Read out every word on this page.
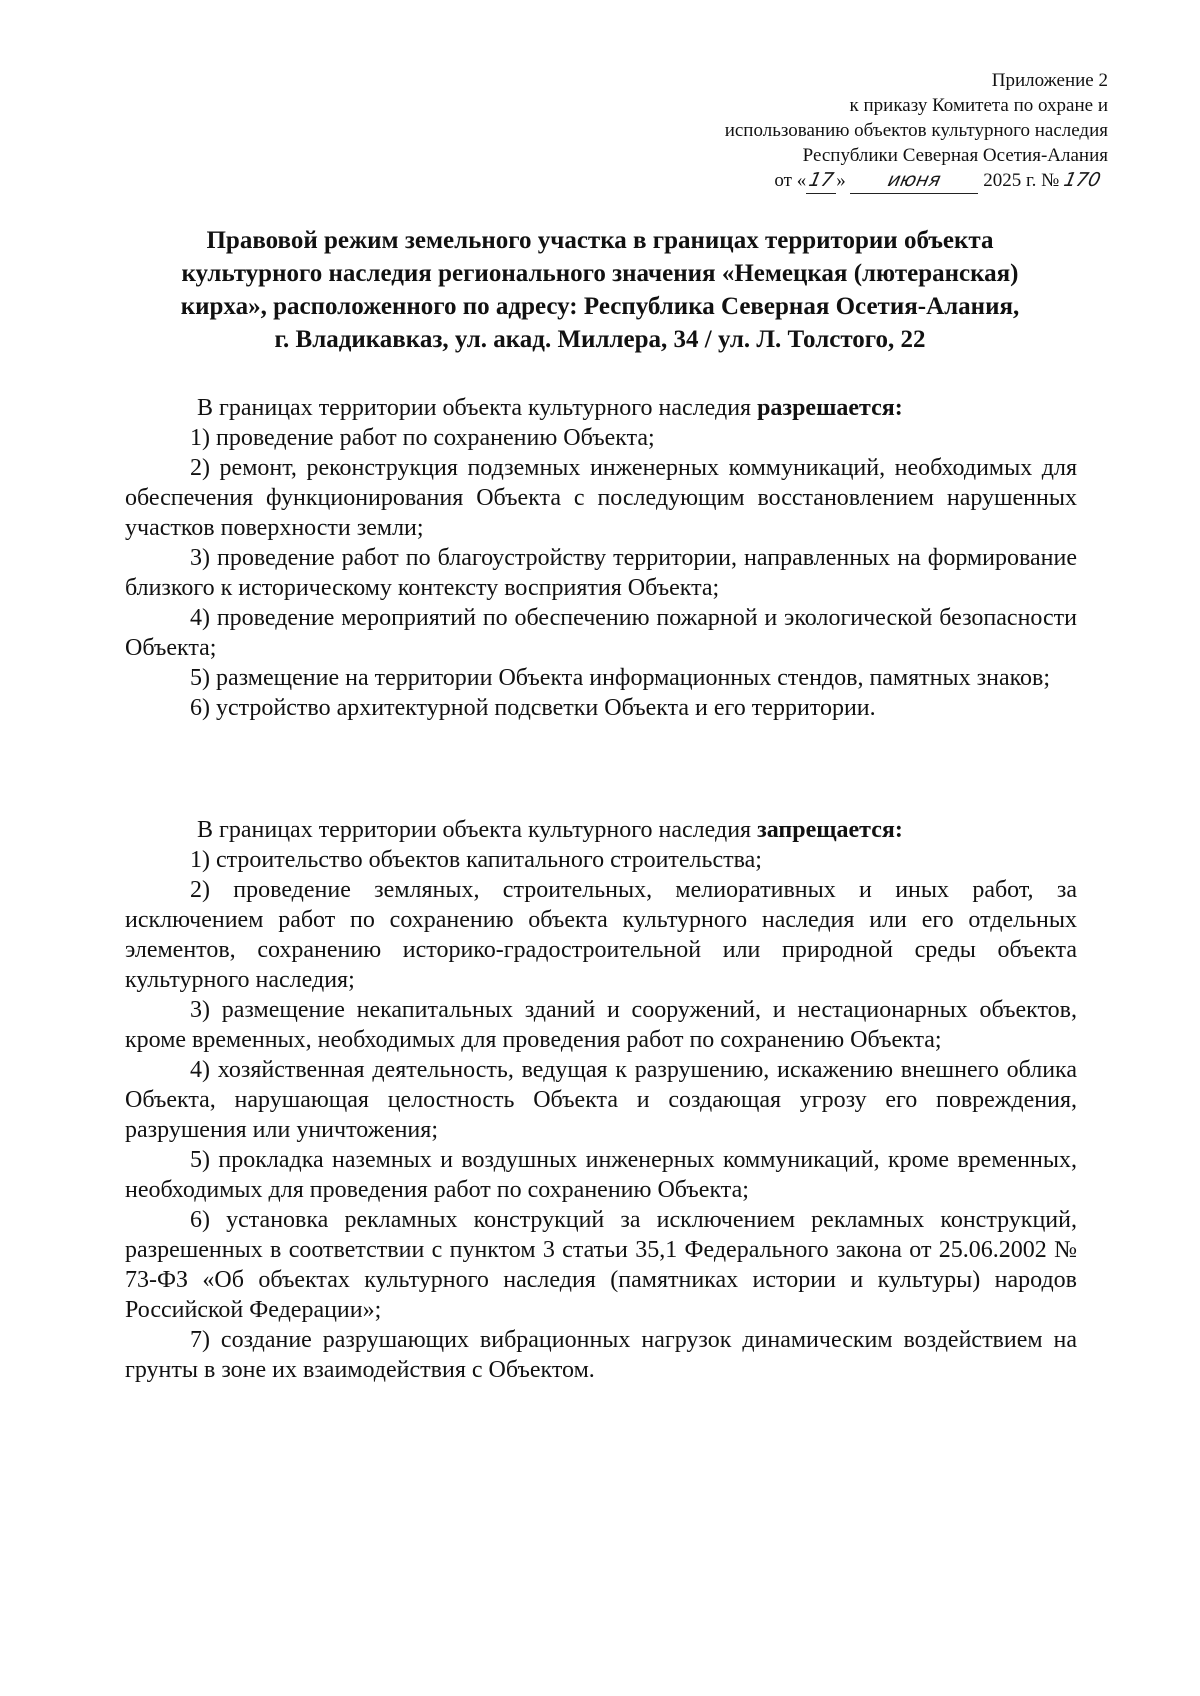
Приложение 2
к приказу Комитета по охране и
использованию объектов культурного наследия
Республики Северная Осетия-Алания
от «17» июня 2025 г. № 170
Правовой режим земельного участка в границах территории объекта
культурного наследия регионального значения «Немецкая (лютеранская)
кирха», расположенного по адресу: Республика Северная Осетия-Алания,
г. Владикавказ, ул. акад. Миллера, 34 / ул. Л. Толстого, 22

В границах территории объекта культурного наследия разрешается:

1) проведение работ по сохранению Объекта;

2) ремонт, реконструкция подземных инженерных коммуникаций, необходимых для обеспечения функционирования Объекта с последующим восстановлением нарушенных участков поверхности земли;

3) проведение работ по благоустройству территории, направленных на формирование близкого к историческому контексту восприятия Объекта;

4) проведение мероприятий по обеспечению пожарной и экологической безопасности Объекта;

5) размещение на территории Объекта информационных стендов, памятных знаков;

6) устройство архитектурной подсветки Объекта и его территории.

В границах территории объекта культурного наследия запрещается:

1) строительство объектов капитального строительства;

2) проведение земляных, строительных, мелиоративных и иных работ, за исключением работ по сохранению объекта культурного наследия или его отдельных элементов, сохранению историко-градостроительной или природной среды объекта культурного наследия;

3) размещение некапитальных зданий и сооружений, и нестационарных объектов, кроме временных, необходимых для проведения работ по сохранению Объекта;

4) хозяйственная деятельность, ведущая к разрушению, искажению внешнего облика Объекта, нарушающая целостность Объекта и создающая угрозу его повреждения, разрушения или уничтожения;

5) прокладка наземных и воздушных инженерных коммуникаций, кроме временных, необходимых для проведения работ по сохранению Объекта;

6) установка рекламных конструкций за исключением рекламных конструкций, разрешенных в соответствии с пунктом 3 статьи 35,1 Федерального закона от 25.06.2002 № 73-ФЗ «Об объектах культурного наследия (памятниках истории и культуры) народов Российской Федерации»;

7) создание разрушающих вибрационных нагрузок динамическим воздействием на грунты в зоне их взаимодействия с Объектом.
